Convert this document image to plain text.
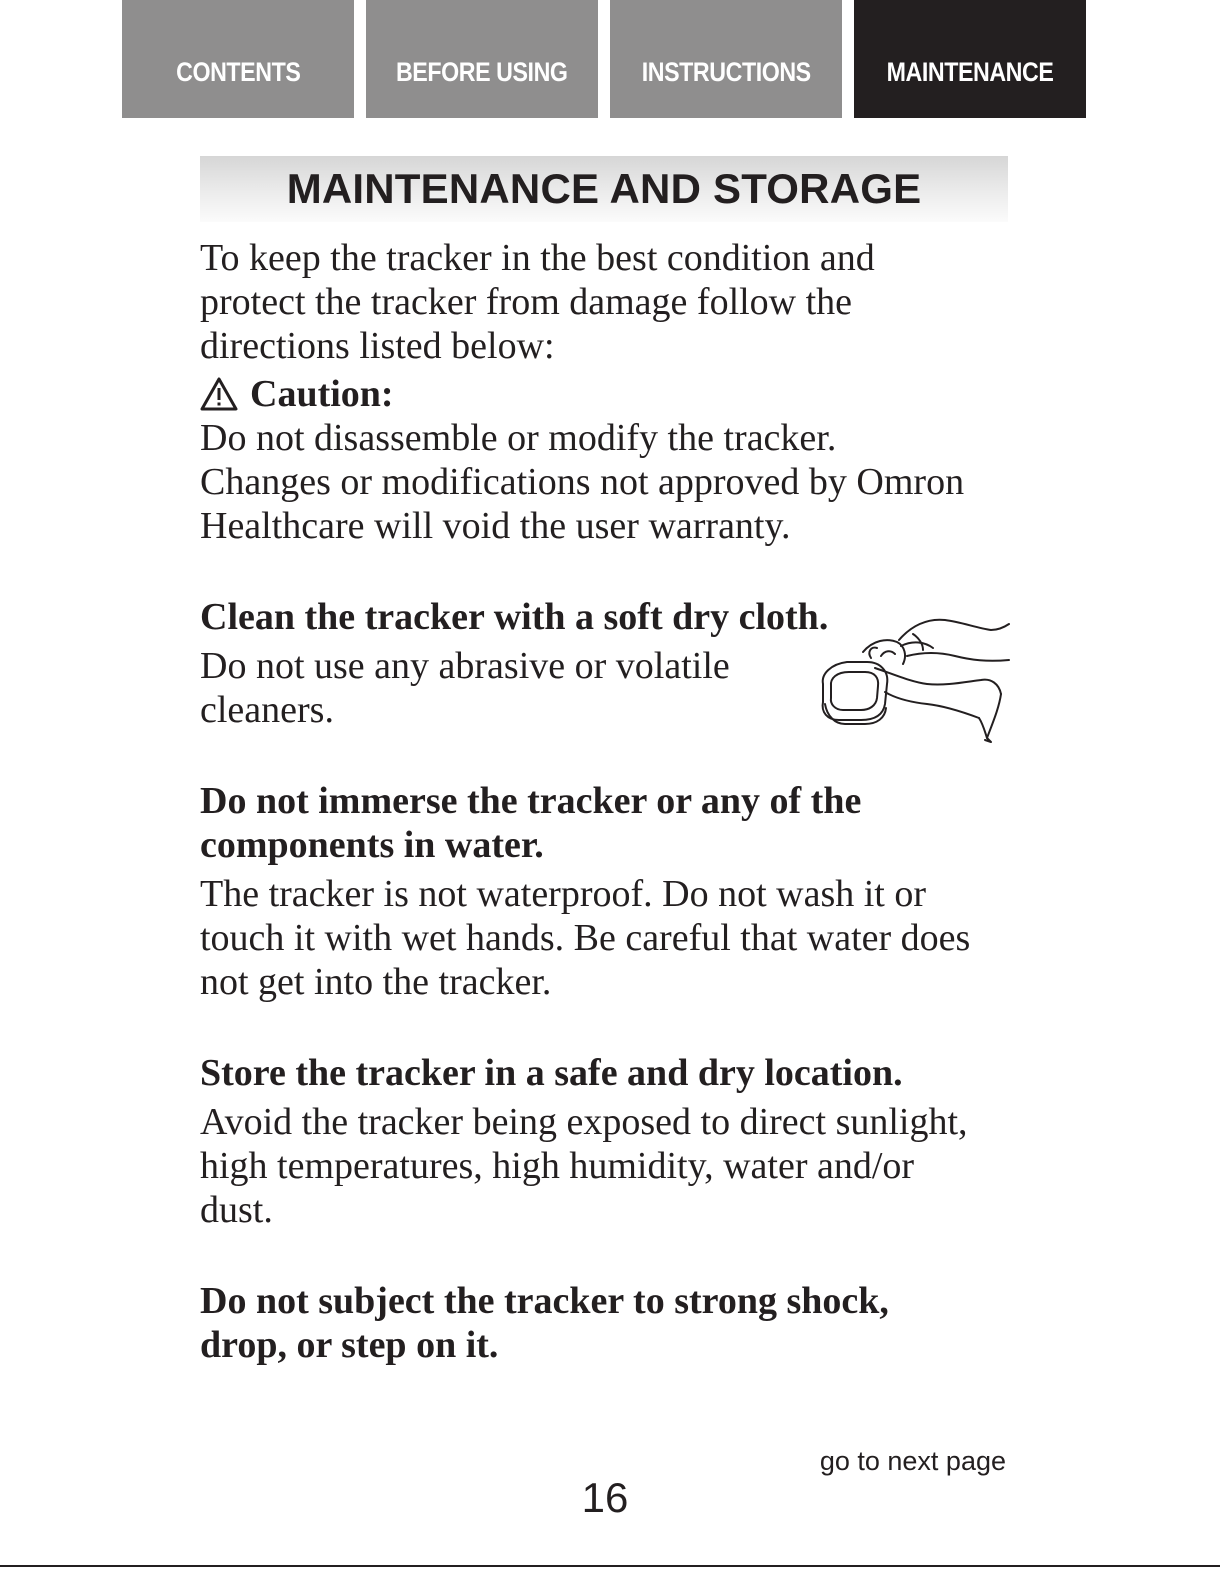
CONTENTS	BEFORE USING	INSTRUCTIONS	MAINTENANCE
MAINTENANCE AND STORAGE

To keep the tracker in the best condition and

protect the tracker from damage follow the

directions listed below:

Caution:

Do not disassemble or modify the tracker.

Changes or modifications not approved by Omron

Healthcare will void the user warranty.

Clean the tracker with a soft dry cloth.

Do not use any abrasive or volatile

cleaners.

Do not immerse the tracker or any of the

components in water.

The tracker is not waterproof. Do not wash it or

touch it with wet hands. Be careful that water does

not get into the tracker.

Store the tracker in a safe and dry location.

Avoid the tracker being exposed to direct sunlight,

high temperatures, high humidity, water and/or

dust.

Do not subject the tracker to strong shock,

drop, or step on it.

go to next page
16
